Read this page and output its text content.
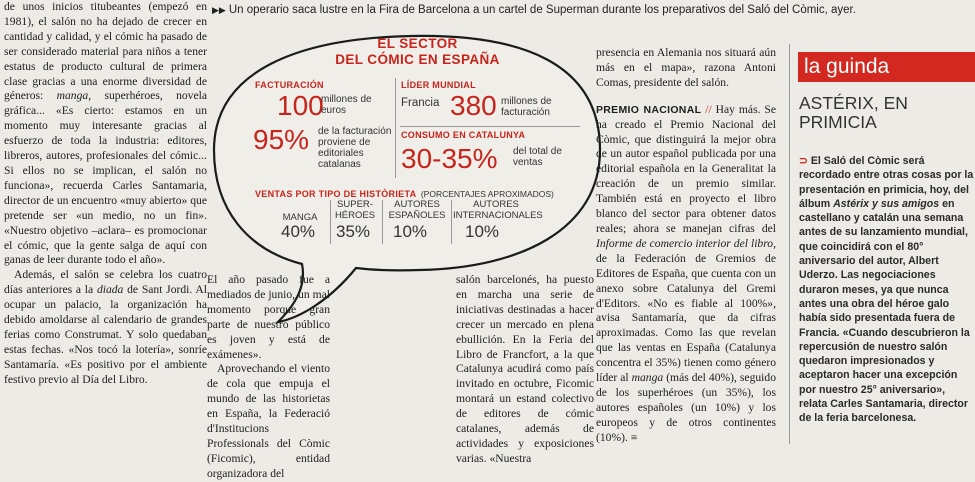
▶▶ Un operario saca lustre en la Fira de Barcelona a un cartel de Superman durante los preparativos del Saló del Còmic, ayer.
EL SECTOR
DEL CÓMIC EN ESPAÑA
FACTURACIÓN
100
millones de euros
95% de la facturación proviene de editoriales catalanas
LÍDER MUNDIAL
Francia 380 millones de facturación
CONSUMO EN CATALUNYA
30-35% del total de ventas
VENTAS POR TIPO DE HISTÒRIETA (PORCENTAJES APROXIMADOS)
MANGA
40%
SUPER-HÉROES
35%
AUTORES ESPAÑOLES
10%
AUTORES INTERNACIONALES
10%

de unos inicios titubeantes (empezó en 1981), el salón no ha dejado de crecer en cantidad y calidad, y el cómic ha pasado de ser considerado material para niños a tener estatus de producto cultural de primera clase gracias a una enorme diversidad de géneros: manga, superhéroes, novela gráfica... «Es cierto: estamos en un momento muy interesante gracias al esfuerzo de toda la industria: editores, libreros, autores, profesionales del cómic... Si ellos no se implican, el salón no funciona», recuerda Carles Santamaria, director de un encuentro «muy abierto» que pretende ser «un medio, no un fin». «Nuestro objetivo –aclara– es promocionar el cómic, que la gente salga de aquí con ganas de leer durante todo el año».

Además, el salón se celebra los cuatro días anteriores a la diada de Sant Jordi. Al ocupar un palacio, la organización ha debido amoldarse al calendario de grandes ferias como Construmat. Y solo quedaban estas fechas. «Nos tocó la lotería», sonríe Santamaría. «Es positivo por el ambiente festivo previo al Día del Libro.

El año pasado fue a mediados de junio, un mal momento porque gran parte de nuestro público es joven y está de exámenes».

Aprovechando el viento de cola que empuja el mundo de las historietas en España, la Federació d'Institucions Professionals del Còmic (Ficomic), entidad organizadora del

salón barcelonés, ha puesto en marcha una serie de iniciativas destinadas a hacer crecer un mercado en plena ebullición. En la Feria del Libro de Francfort, a la que Catalunya acudirá como país invitado en octubre, Ficomic montará un estand colectivo de editores de cómic catalanes, además de actividades y exposiciones varias. «Nuestra

presencia en Alemania nos situará aún más en el mapa», razona Antoni Comas, presidente del salón.

PREMIO NACIONAL // Hay más. Se ha creado el Premio Nacional del Còmic, que distinguirá la mejor obra de un autor español publicada por una editorial española en la Generalitat la creación de un premio similar. También está en proyecto el libro blanco del sector para obtener datos reales; ahora se manejan cifras del Informe de comercio interior del libro, de la Federación de Gremios de Editores de España, que cuenta con un anexo sobre Catalunya del Gremi d'Editors. «No es fiable al 100%», avisa Santamaría, que da cifras aproximadas. Como las que revelan que las ventas en España (Catalunya concentra el 35%) tienen como género líder al manga (más del 40%), seguido de los superhéroes (un 35%), los autores españoles (un 10%) y los europeos y de otros continentes (10%). ≡

la guinda
ASTÉRIX, EN PRIMICIA
⊃ El Saló del Còmic será recordado entre otras cosas por la presentación en primicia, hoy, del álbum Astérix y sus amigos en castellano y catalán una semana antes de su lanzamiento mundial, que coincidirá con el 80° aniversario del autor, Albert Uderzo. Las negociaciones duraron meses, ya que nunca antes una obra del héroe galo había sido presentada fuera de Francia. «Cuando descubrieron la repercusión de nuestro salón quedaron impresionados y aceptaron hacer una excepción por nuestro 25° aniversario», relata Carles Santamaria, director de la feria barcelonesa.
